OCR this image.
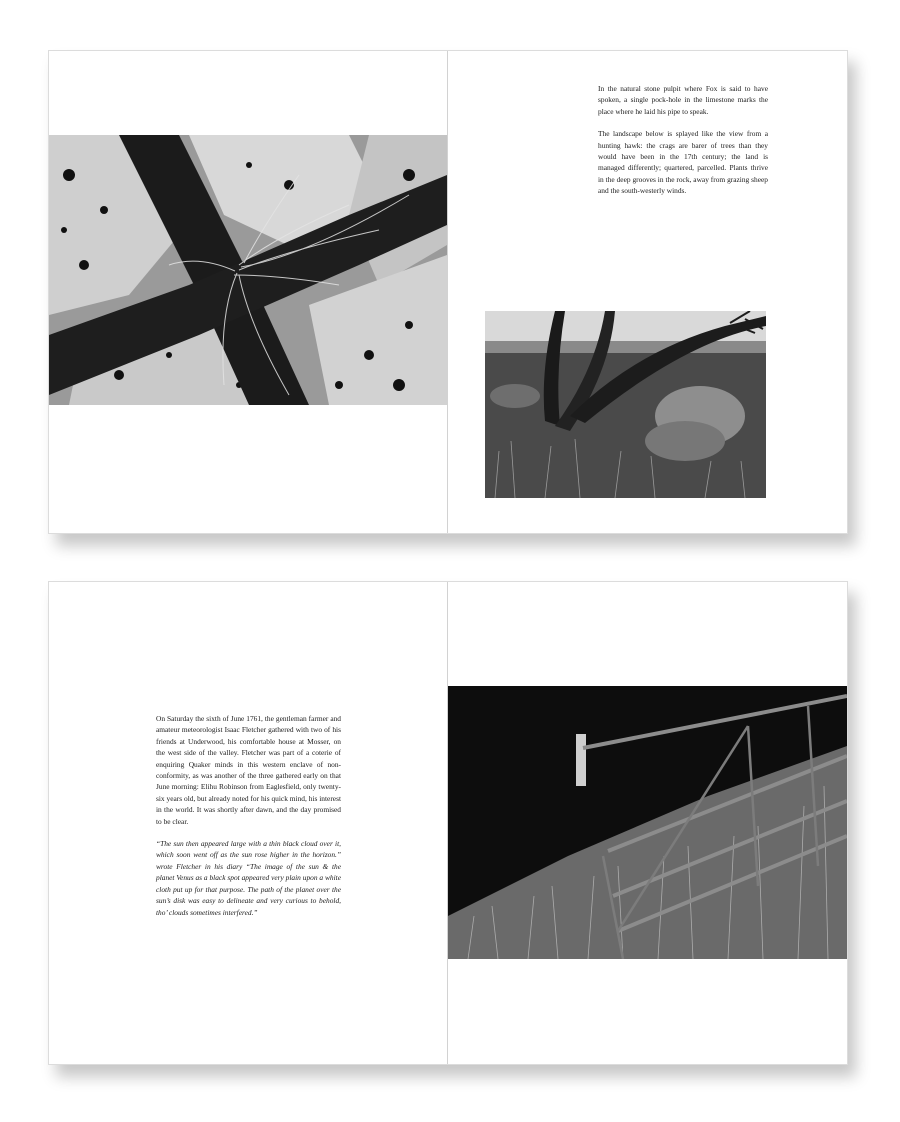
In the natural stone pulpit where Fox is said to have spoken, a single pock-hole in the limestone marks the place where he laid his pipe to speak.

The landscape below is splayed like the view from a hunting hawk: the crags are barer of trees than they would have been in the 17th century; the land is managed differently; quartered, parcelled. Plants thrive in the deep grooves in the rock, away from grazing sheep and the south-westerly winds.

On Saturday the sixth of June 1761, the gentleman farmer and amateur meteorologist Isaac Fletcher gathered with two of his friends at Underwood, his comfortable house at Mosser, on the west side of the valley. Fletcher was part of a coterie of enquiring Quaker minds in this western enclave of non-conformity, as was another of the three gathered early on that June morning: Elihu Robinson from Eaglesfield, only twenty-six years old, but already noted for his quick mind, his interest in the world. It was shortly after dawn, and the day promised to be clear.

“The sun then appeared large with a thin black cloud over it, which soon went off as the sun rose higher in the horizon.” wrote Fletcher in his diary “The image of the sun & the planet Venus as a black spot appeared very plain upon a white cloth put up for that purpose. The path of the planet over the sun’s disk was easy to delineate and very curious to behold, tho’ clouds sometimes interfered.”
